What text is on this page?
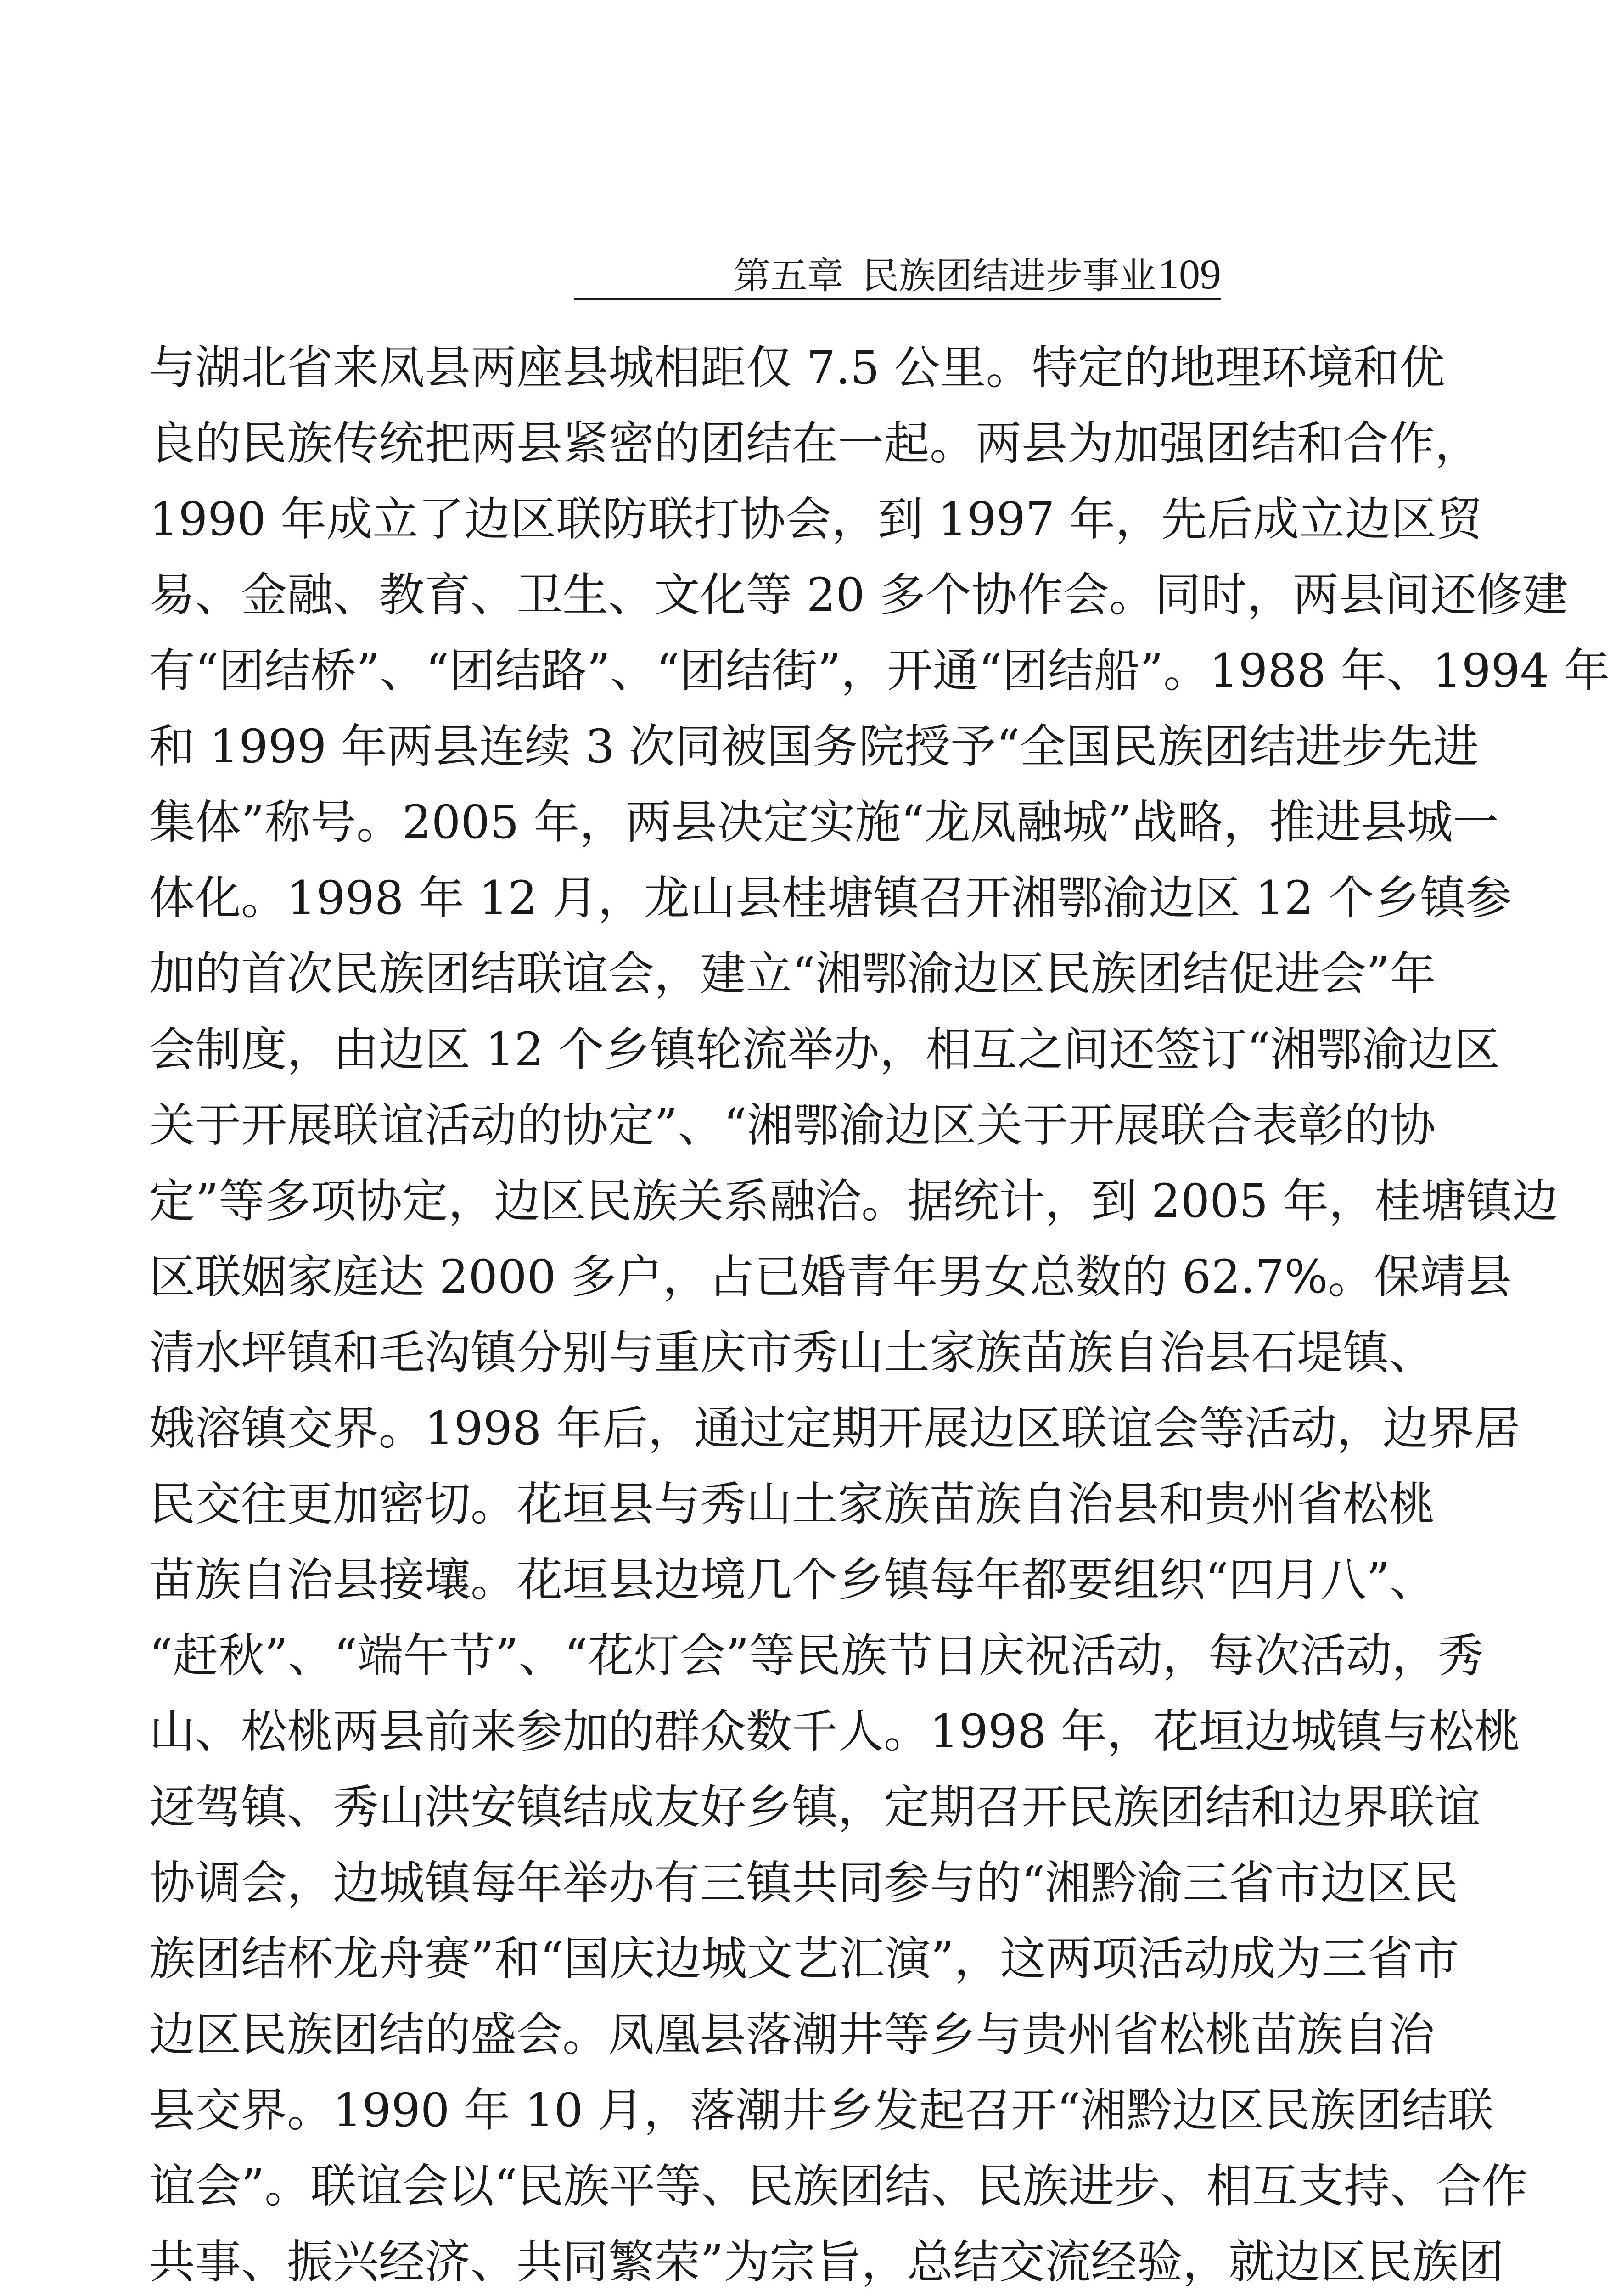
第五章 民族团结进步事业109
与湖北省来凤县两座县城相距仅 7.5 公里。特定的地理环境和优
良的民族传统把两县紧密的团结在一起。两县为加强团结和合作，
1990 年成立了边区联防联打协会，到 1997 年，先后成立边区贸
易、金融、教育、卫生、文化等 20 多个协作会。同时，两县间还修建
有“团结桥”、“团结路”、“团结街”，开通“团结船”。1988 年、1994 年
和 1999 年两县连续 3 次同被国务院授予“全国民族团结进步先进
集体”称号。2005 年，两县决定实施“龙凤融城”战略，推进县城一
体化。1998 年 12 月，龙山县桂塘镇召开湘鄂渝边区 12 个乡镇参
加的首次民族团结联谊会，建立“湘鄂渝边区民族团结促进会”年
会制度，由边区 12 个乡镇轮流举办，相互之间还签订“湘鄂渝边区
关于开展联谊活动的协定”、“湘鄂渝边区关于开展联合表彰的协
定”等多项协定，边区民族关系融洽。据统计，到 2005 年，桂塘镇边
区联姻家庭达 2000 多户，占已婚青年男女总数的 62.7%。保靖县
清水坪镇和毛沟镇分别与重庆市秀山土家族苗族自治县石堤镇、
娥溶镇交界。1998 年后，通过定期开展边区联谊会等活动，边界居
民交往更加密切。花垣县与秀山土家族苗族自治县和贵州省松桃
苗族自治县接壤。花垣县边境几个乡镇每年都要组织“四月八”、
“赶秋”、“端午节”、“花灯会”等民族节日庆祝活动，每次活动，秀
山、松桃两县前来参加的群众数千人。1998 年，花垣边城镇与松桃
迓驾镇、秀山洪安镇结成友好乡镇，定期召开民族团结和边界联谊
协调会，边城镇每年举办有三镇共同参与的“湘黔渝三省市边区民
族团结杯龙舟赛”和“国庆边城文艺汇演”，这两项活动成为三省市
边区民族团结的盛会。凤凰县落潮井等乡与贵州省松桃苗族自治
县交界。1990 年 10 月，落潮井乡发起召开“湘黔边区民族团结联
谊会”。联谊会以“民族平等、民族团结、民族进步、相互支持、合作
共事、振兴经济、共同繁荣”为宗旨，总结交流经验，就边区民族团
